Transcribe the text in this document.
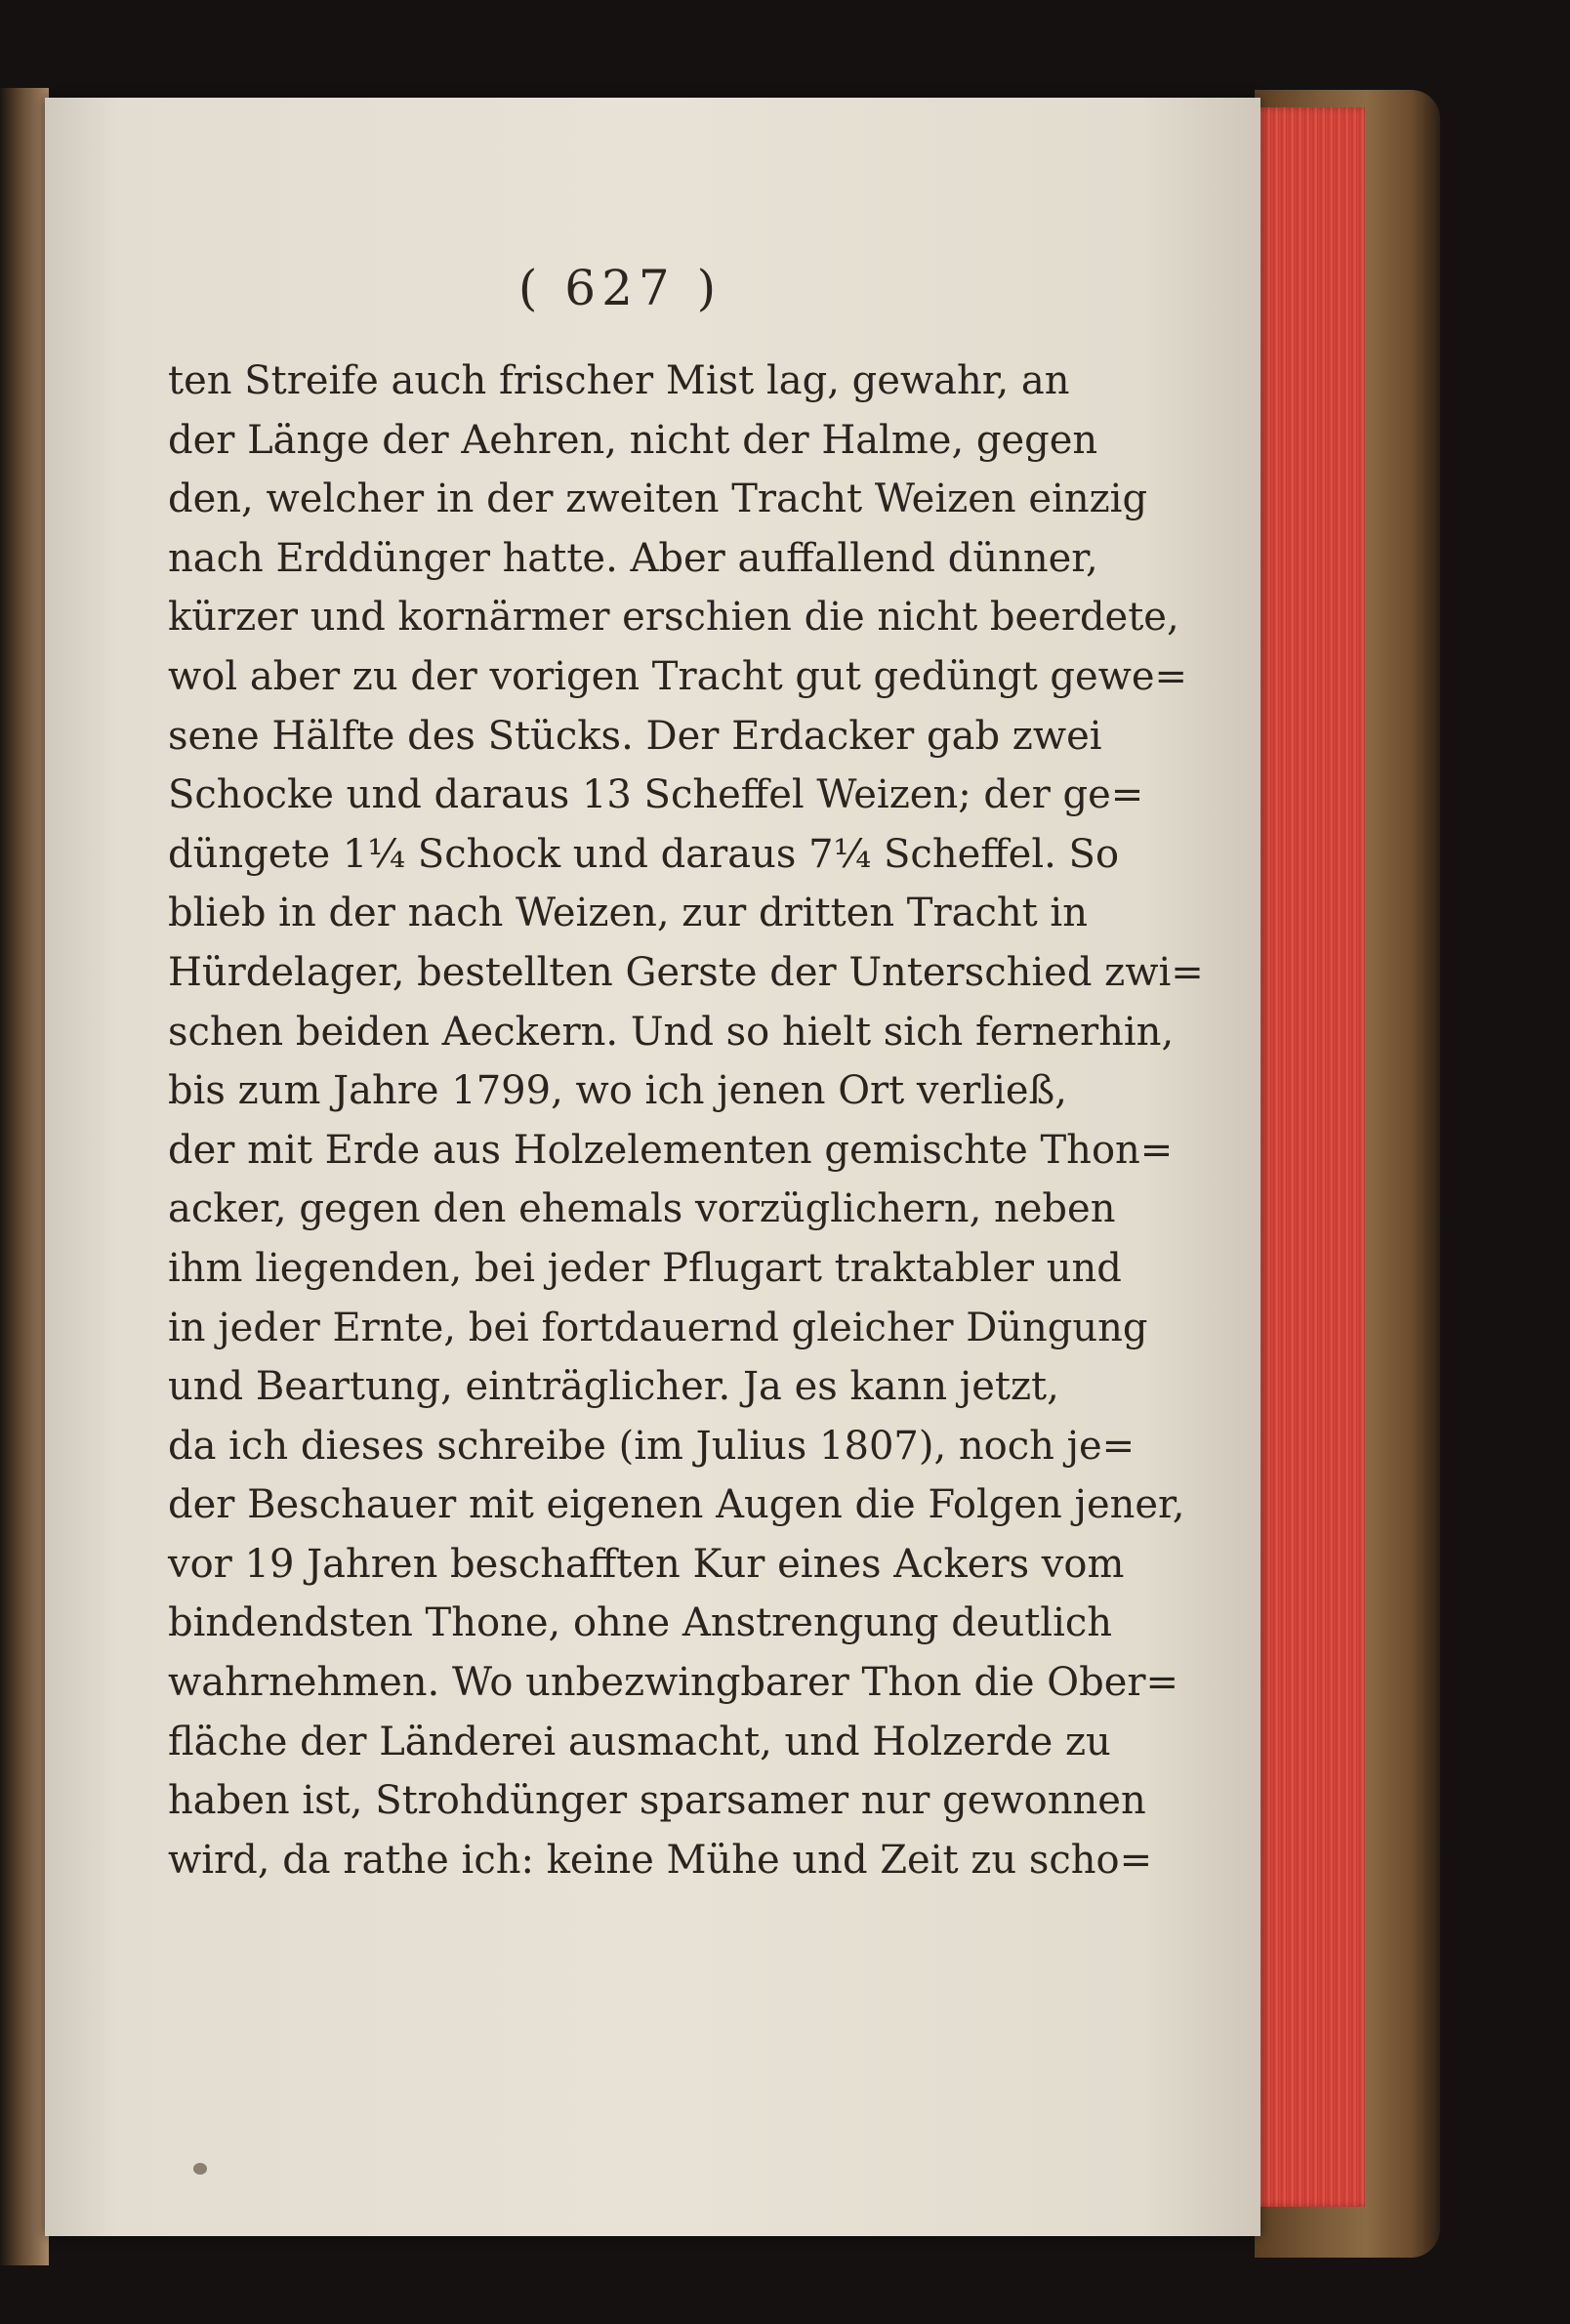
( 627 )
ten Streife auch frischer Mist lag, gewahr, an
der Länge der Aehren, nicht der Halme, gegen
den, welcher in der zweiten Tracht Weizen einzig
nach Erddünger hatte. Aber auffallend dünner,
kürzer und kornärmer erschien die nicht beerdete,
wol aber zu der vorigen Tracht gut gedüngt gewe=
sene Hälfte des Stücks. Der Erdacker gab zwei
Schocke und daraus 13 Scheffel Weizen; der ge=
düngete 1¼ Schock und daraus 7¼ Scheffel. So
blieb in der nach Weizen, zur dritten Tracht in
Hürdelager, bestellten Gerste der Unterschied zwi=
schen beiden Aeckern. Und so hielt sich fernerhin,
bis zum Jahre 1799, wo ich jenen Ort verließ,
der mit Erde aus Holzelementen gemischte Thon=
acker, gegen den ehemals vorzüglichern, neben
ihm liegenden, bei jeder Pflugart traktabler und
in jeder Ernte, bei fortdauernd gleicher Düngung
und Beartung, einträglicher. Ja es kann jetzt,
da ich dieses schreibe (im Julius 1807), noch je=
der Beschauer mit eigenen Augen die Folgen jener,
vor 19 Jahren beschafften Kur eines Ackers vom
bindendsten Thone, ohne Anstrengung deutlich
wahrnehmen. Wo unbezwingbarer Thon die Ober=
fläche der Länderei ausmacht, und Holzerde zu
haben ist, Strohdünger sparsamer nur gewonnen
wird, da rathe ich: keine Mühe und Zeit zu scho=
